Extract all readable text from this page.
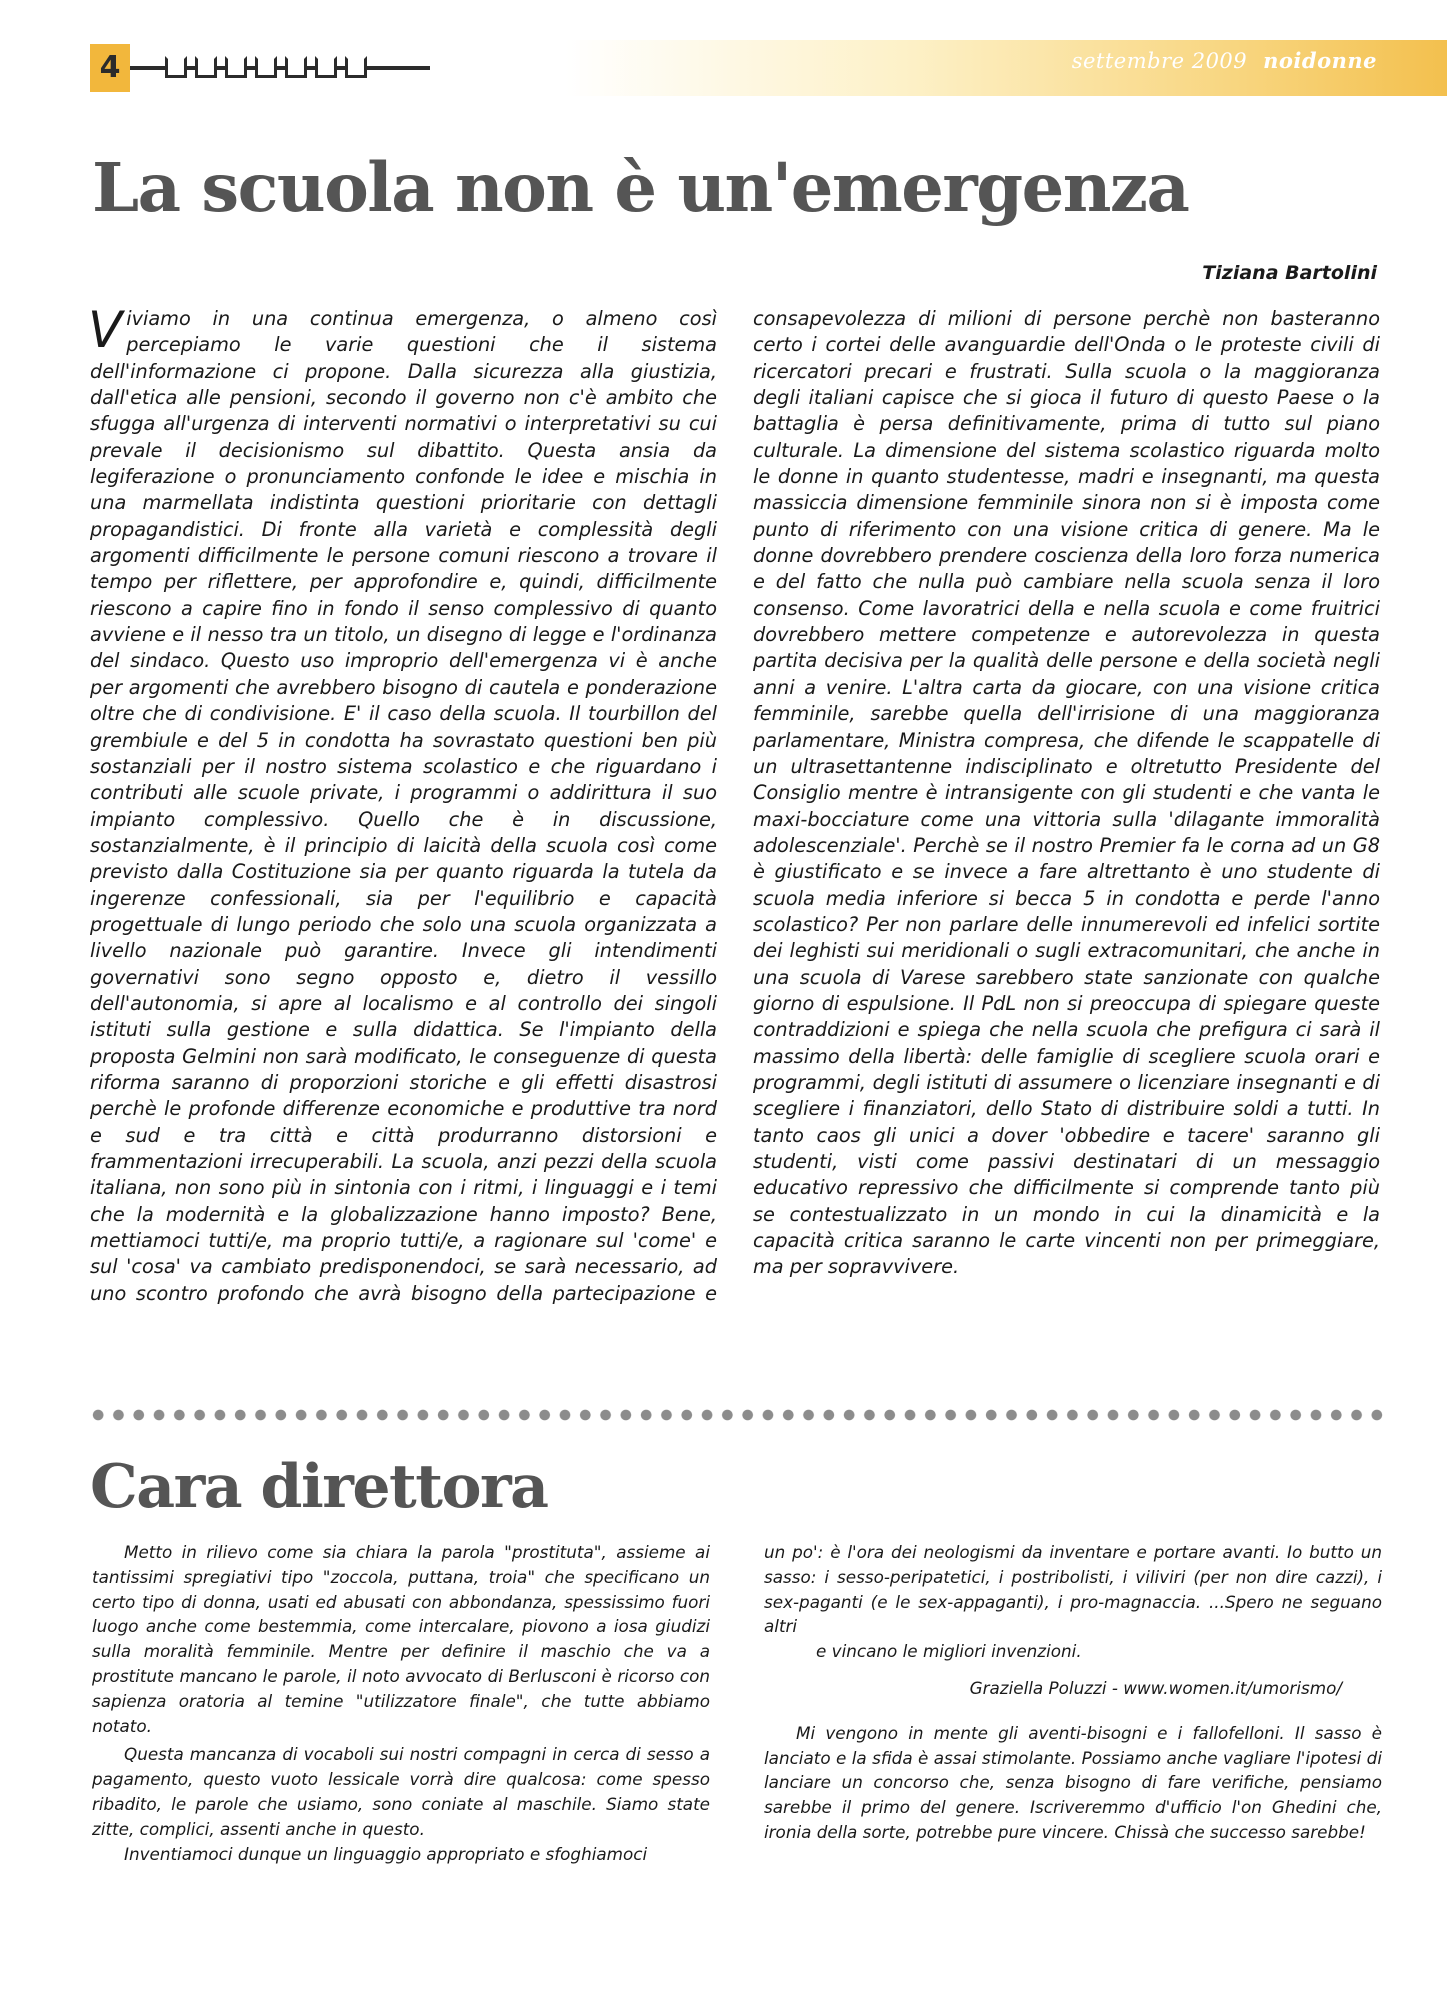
4	settembre 2009 noidonne
La scuola non è un'emergenza
Tiziana Bartolini

Viviamo in una continua emergenza, o almeno così percepiamo le varie questioni che il sistema dell'informazione ci propone. Dalla sicurezza alla giustizia, dall'etica alle pensioni, secondo il governo non c'è ambito che sfugga all'urgenza di interventi normativi o interpretativi su cui prevale il decisionismo sul dibattito. Questa ansia da legiferazione o pronunciamento confonde le idee e mischia in una marmellata indistinta questioni prioritarie con dettagli propagandistici. Di fronte alla varietà e complessità degli argomenti difficilmente le persone comuni riescono a trovare il tempo per riflettere, per approfondire e, quindi, difficilmente riescono a capire fino in fondo il senso complessivo di quanto avviene e il nesso tra un titolo, un disegno di legge e l'ordinanza del sindaco. Questo uso improprio dell'emergenza vi è anche per argomenti che avrebbero bisogno di cautela e ponderazione oltre che di condivisione. E' il caso della scuola. Il tourbillon del grembiule e del 5 in condotta ha sovrastato questioni ben più sostanziali per il nostro sistema scolastico e che riguardano i contributi alle scuole private, i programmi o addirittura il suo impianto complessivo. Quello che è in discussione, sostanzialmente, è il principio di laicità della scuola così come previsto dalla Costituzione sia per quanto riguarda la tutela da ingerenze confessionali, sia per l'equilibrio e capacità progettuale di lungo periodo che solo una scuola organizzata a livello nazionale può garantire. Invece gli intendimenti governativi sono segno opposto e, dietro il vessillo dell'autonomia, si apre al localismo e al controllo dei singoli istituti sulla gestione e sulla didattica. Se l'impianto della proposta Gelmini non sarà modificato, le conseguenze di questa riforma saranno di proporzioni storiche e gli effetti disastrosi perchè le profonde differenze economiche e produttive tra nord e sud e tra città e città produrranno distorsioni e frammentazioni irrecuperabili. La scuola, anzi pezzi della scuola italiana, non sono più in sintonia con i ritmi, i linguaggi e i temi che la modernità e la globalizzazione hanno imposto? Bene, mettiamoci tutti/e, ma proprio tutti/e, a ragionare sul 'come' e sul 'cosa' va cambiato predisponendoci, se sarà necessario, ad uno scontro profondo che avrà bisogno della partecipazione e consapevolezza di milioni di persone perchè non basteranno certo i cortei delle avanguardie dell'Onda o le proteste civili di ricercatori precari e frustrati. Sulla scuola o la maggioranza degli italiani capisce che si gioca il futuro di questo Paese o la battaglia è persa definitivamente, prima di tutto sul piano culturale. La dimensione del sistema scolastico riguarda molto le donne in quanto studentesse, madri e insegnanti, ma questa massiccia dimensione femminile sinora non si è imposta come punto di riferimento con una visione critica di genere. Ma le donne dovrebbero prendere coscienza della loro forza numerica e del fatto che nulla può cambiare nella scuola senza il loro consenso. Come lavoratrici della e nella scuola e come fruitrici dovrebbero mettere competenze e autorevolezza in questa partita decisiva per la qualità delle persone e della società negli anni a venire. L'altra carta da giocare, con una visione critica femminile, sarebbe quella dell'irrisione di una maggioranza parlamentare, Ministra compresa, che difende le scappatelle di un ultrasettantenne indisciplinato e oltretutto Presidente del Consiglio mentre è intransigente con gli studenti e che vanta le maxi-bocciature come una vittoria sulla 'dilagante immoralità adolescenziale'. Perchè se il nostro Premier fa le corna ad un G8 è giustificato e se invece a fare altrettanto è uno studente di scuola media inferiore si becca 5 in condotta e perde l'anno scolastico? Per non parlare delle innumerevoli ed infelici sortite dei leghisti sui meridionali o sugli extracomunitari, che anche in una scuola di Varese sarebbero state sanzionate con qualche giorno di espulsione. Il PdL non si preoccupa di spiegare queste contraddizioni e spiega che nella scuola che prefigura ci sarà il massimo della libertà: delle famiglie di scegliere scuola orari e programmi, degli istituti di assumere o licenziare insegnanti e di scegliere i finanziatori, dello Stato di distribuire soldi a tutti. In tanto caos gli unici a dover 'obbedire e tacere' saranno gli studenti, visti come passivi destinatari di un messaggio educativo repressivo che difficilmente si comprende tanto più se contestualizzato in un mondo in cui la dinamicità e la capacità critica saranno le carte vincenti non per primeggiare, ma per sopravvivere.

Cara direttora

Metto in rilievo come sia chiara la parola "prostituta", assieme ai tantissimi spregiativi tipo "zoccola, puttana, troia" che specificano un certo tipo di donna, usati ed abusati con abbondanza, spessissimo fuori luogo anche come bestemmia, come intercalare, piovono a iosa giudizi sulla moralità femminile. Mentre per definire il maschio che va a prostitute mancano le parole, il noto avvocato di Berlusconi è ricorso con sapienza oratoria al temine "utilizzatore finale", che tutte abbiamo notato.

Questa mancanza di vocaboli sui nostri compagni in cerca di sesso a pagamento, questo vuoto lessicale vorrà dire qualcosa: come spesso ribadito, le parole che usiamo, sono coniate al maschile. Siamo state zitte, complici, assenti anche in questo.

Inventiamoci dunque un linguaggio appropriato e sfoghiamoci

un po': è l'ora dei neologismi da inventare e portare avanti. Io butto un sasso: i sesso-peripatetici, i postribolisti, i viliviri (per non dire cazzi), i sex-paganti (e le sex-appaganti), i pro-magnaccia. ...Spero ne seguano altri

e vincano le migliori invenzioni.

Graziella Poluzzi - www.women.it/umorismo/

Mi vengono in mente gli aventi-bisogni e i fallofelloni. Il sasso è lanciato e la sfida è assai stimolante. Possiamo anche vagliare l'ipotesi di lanciare un concorso che, senza bisogno di fare verifiche, pensiamo sarebbe il primo del genere. Iscriveremmo d'ufficio l'on Ghedini che, ironia della sorte, potrebbe pure vincere. Chissà che successo sarebbe!
